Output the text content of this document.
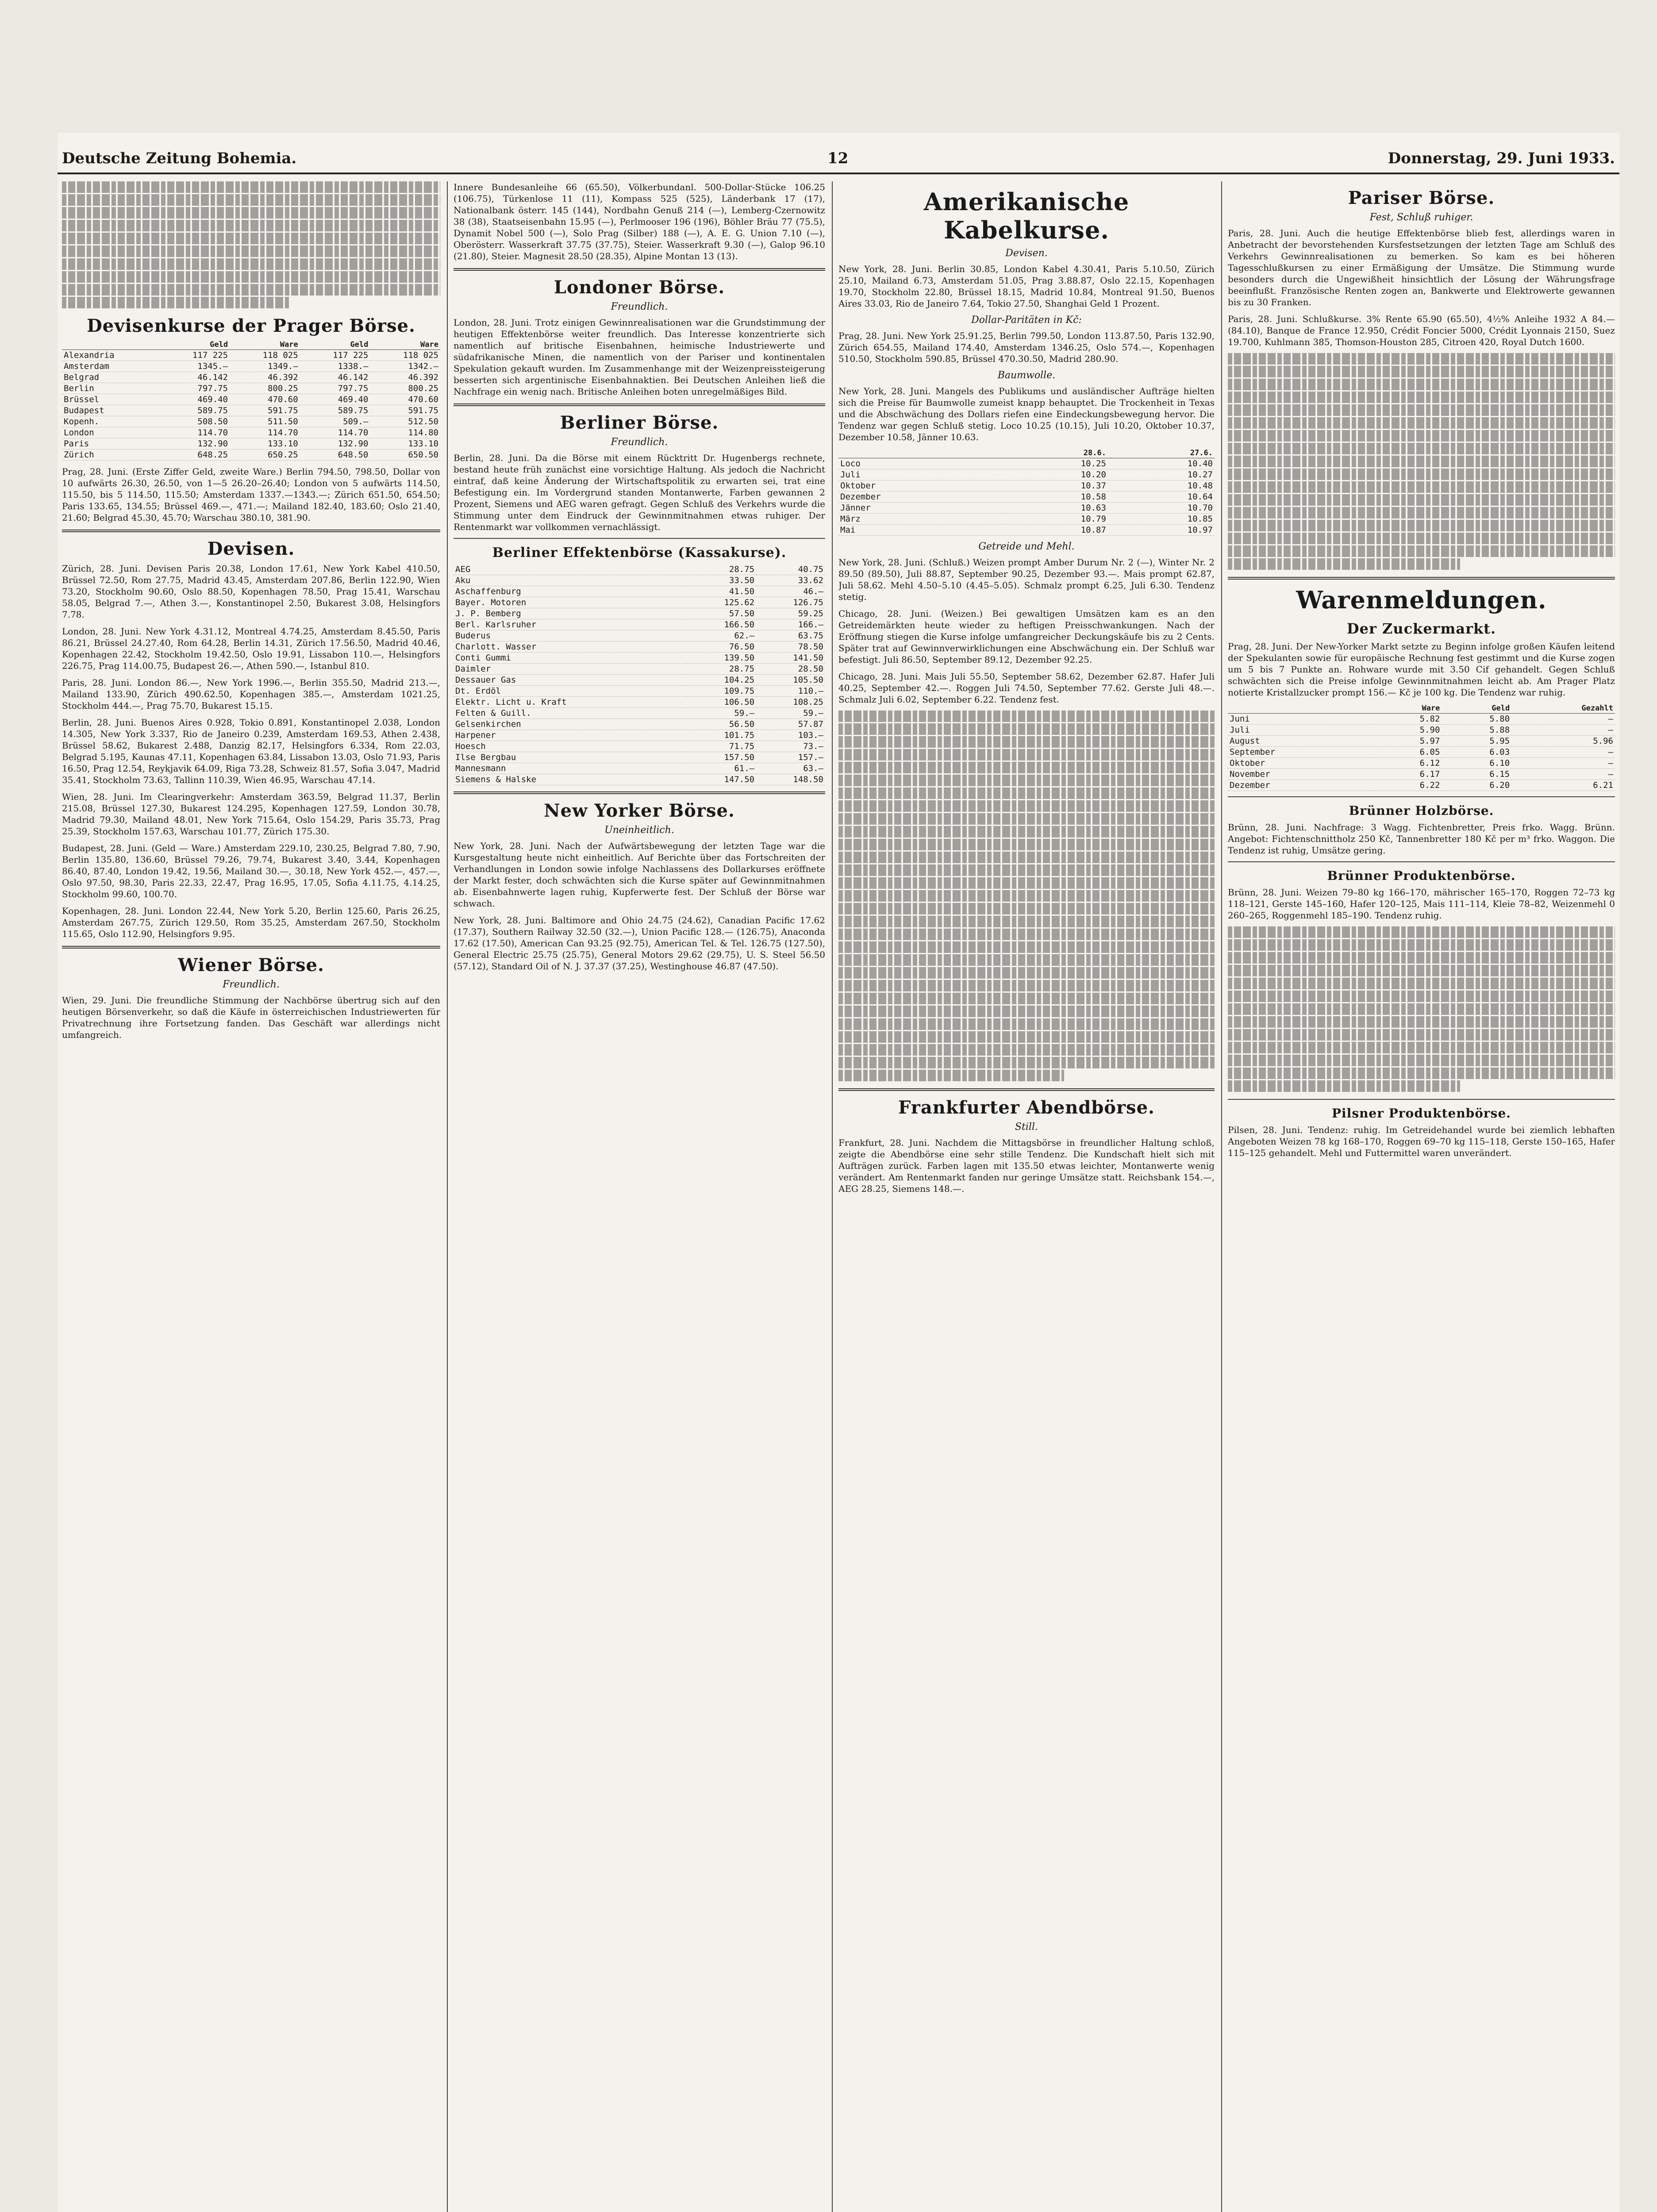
Deutsche Zeitung Bohemia.	12	Donnerstag, 29. Juni 1933.
Devisenkurse der Prager Börse.
	Geld	Ware	Geld	Ware
Alexandria	117 225	118 025	117 225	118 025
Amsterdam	1345.—	1349.—	1338.—	1342.—
Belgrad	46.142	46.392	46.142	46.392
Berlin	797.75	800.25	797.75	800.25
Brüssel	469.40	470.60	469.40	470.60
Budapest	589.75	591.75	589.75	591.75
Kopenh.	508.50	511.50	509.—	512.50
London	114.70	114.70	114.70	114.80
Paris	132.90	133.10	132.90	133.10
Zürich	648.25	650.25	648.50	650.50

Prag, 28. Juni. (Erste Ziffer Geld, zweite Ware.) Berlin 794.50, 798.50, Dollar von 10 aufwärts 26.30, 26.50, von 1—5 26.20–26.40; London von 5 aufwärts 114.50, 115.50, bis 5 114.50, 115.50; Amsterdam 1337.—1343.—; Zürich 651.50, 654.50; Paris 133.65, 134.55; Brüssel 469.—, 471.—; Mailand 182.40, 183.60; Oslo 21.40, 21.60; Belgrad 45.30, 45.70; Warschau 380.10, 381.90.

Devisen.

Zürich, 28. Juni. Devisen Paris 20.38, London 17.61, New York Kabel 410.50, Brüssel 72.50, Rom 27.75, Madrid 43.45, Amsterdam 207.86, Berlin 122.90, Wien 73.20, Stockholm 90.60, Oslo 88.50, Kopenhagen 78.50, Prag 15.41, Warschau 58.05, Belgrad 7.—, Athen 3.—, Konstantinopel 2.50, Bukarest 3.08, Helsingfors 7.78.

London, 28. Juni. New York 4.31.12, Montreal 4.74.25, Amsterdam 8.45.50, Paris 86.21, Brüssel 24.27.40, Rom 64.28, Berlin 14.31, Zürich 17.56.50, Madrid 40.46, Kopenhagen 22.42, Stockholm 19.42.50, Oslo 19.91, Lissabon 110.—, Helsingfors 226.75, Prag 114.00.75, Budapest 26.—, Athen 590.—, Istanbul 810.

Paris, 28. Juni. London 86.—, New York 1996.—, Berlin 355.50, Madrid 213.—, Mailand 133.90, Zürich 490.62.50, Kopenhagen 385.—, Amsterdam 1021.25, Stockholm 444.—, Prag 75.70, Bukarest 15.15.

Berlin, 28. Juni. Buenos Aires 0.928, Tokio 0.891, Konstantinopel 2.038, London 14.305, New York 3.337, Rio de Janeiro 0.239, Amsterdam 169.53, Athen 2.438, Brüssel 58.62, Bukarest 2.488, Danzig 82.17, Helsingfors 6.334, Rom 22.03, Belgrad 5.195, Kaunas 47.11, Kopenhagen 63.84, Lissabon 13.03, Oslo 71.93, Paris 16.50, Prag 12.54, Reykjavik 64.09, Riga 73.28, Schweiz 81.57, Sofia 3.047, Madrid 35.41, Stockholm 73.63, Tallinn 110.39, Wien 46.95, Warschau 47.14.

Wien, 28. Juni. Im Clearingverkehr: Amsterdam 363.59, Belgrad 11.37, Berlin 215.08, Brüssel 127.30, Bukarest 124.295, Kopenhagen 127.59, London 30.78, Madrid 79.30, Mailand 48.01, New York 715.64, Oslo 154.29, Paris 35.73, Prag 25.39, Stockholm 157.63, Warschau 101.77, Zürich 175.30.

Budapest, 28. Juni. (Geld — Ware.) Amsterdam 229.10, 230.25, Belgrad 7.80, 7.90, Berlin 135.80, 136.60, Brüssel 79.26, 79.74, Bukarest 3.40, 3.44, Kopenhagen 86.40, 87.40, London 19.42, 19.56, Mailand 30.—, 30.18, New York 452.—, 457.—, Oslo 97.50, 98.30, Paris 22.33, 22.47, Prag 16.95, 17.05, Sofia 4.11.75, 4.14.25, Stockholm 99.60, 100.70.

Kopenhagen, 28. Juni. London 22.44, New York 5.20, Berlin 125.60, Paris 26.25, Amsterdam 267.75, Zürich 129.50, Rom 35.25, Amsterdam 267.50, Stockholm 115.65, Oslo 112.90, Helsingfors 9.95.

Wiener Börse.
Freundlich.

Wien, 29. Juni. Die freundliche Stimmung der Nachbörse übertrug sich auf den heutigen Börsenverkehr, so daß die Käufe in österreichischen Industriewerten für Privatrechnung ihre Fortsetzung fanden. Das Geschäft war allerdings nicht umfangreich.

Innere Bundesanleihe 66 (65.50), Völkerbundanl. 500-Dollar-Stücke 106.25 (106.75), Türkenlose 11 (11), Kompass 525 (525), Länderbank 17 (17), Nationalbank österr. 145 (144), Nordbahn Genuß 214 (—), Lemberg-Czernowitz 38 (38), Staatseisenbahn 15.95 (—), Perlmooser 196 (196), Böhler Bräu 77 (75.5), Dynamit Nobel 500 (—), Solo Prag (Silber) 188 (—), A. E. G. Union 7.10 (—), Oberösterr. Wasserkraft 37.75 (37.75), Steier. Wasserkraft 9.30 (—), Galop 96.10 (21.80), Steier. Magnesit 28.50 (28.35), Alpine Montan 13 (13).

Londoner Börse.
Freundlich.

London, 28. Juni. Trotz einigen Gewinnrealisationen war die Grundstimmung der heutigen Effektenbörse weiter freundlich. Das Interesse konzentrierte sich namentlich auf britische Eisenbahnen, heimische Industriewerte und südafrikanische Minen, die namentlich von der Pariser und kontinentalen Spekulation gekauft wurden. Im Zusammenhange mit der Weizenpreissteigerung besserten sich argentinische Eisenbahnaktien. Bei Deutschen Anleihen ließ die Nachfrage ein wenig nach. Britische Anleihen boten unregelmäßiges Bild.

Berliner Börse.
Freundlich.

Berlin, 28. Juni. Da die Börse mit einem Rücktritt Dr. Hugenbergs rechnete, bestand heute früh zunächst eine vorsichtige Haltung. Als jedoch die Nachricht eintraf, daß keine Änderung der Wirtschaftspolitik zu erwarten sei, trat eine Befestigung ein. Im Vordergrund standen Montanwerte, Farben gewannen 2 Prozent, Siemens und AEG waren gefragt. Gegen Schluß des Verkehrs wurde die Stimmung unter dem Eindruck der Gewinnmitnahmen etwas ruhiger. Der Rentenmarkt war vollkommen vernachlässigt.

Berliner Effektenbörse (Kassakurse).
AEG	28.75	40.75
Aku	33.50	33.62
Aschaffenburg	41.50	46.—
Bayer. Motoren	125.62	126.75
J. P. Bemberg	57.50	59.25
Berl. Karlsruher	166.50	166.—
Buderus	62.—	63.75
Charlott. Wasser	76.50	78.50
Conti Gummi	139.50	141.50
Daimler	28.75	28.50
Dessauer Gas	104.25	105.50
Dt. Erdöl	109.75	110.—
Elektr. Licht u. Kraft	106.50	108.25
Felten & Guill.	59.—	59.—
Gelsenkirchen	56.50	57.87
Harpener	101.75	103.—
Hoesch	71.75	73.—
Ilse Bergbau	157.50	157.—
Mannesmann	61.—	63.—
Siemens & Halske	147.50	148.50
New Yorker Börse.
Uneinheitlich.

New York, 28. Juni. Nach der Aufwärtsbewegung der letzten Tage war die Kursgestaltung heute nicht einheitlich. Auf Berichte über das Fortschreiten der Verhandlungen in London sowie infolge Nachlassens des Dollarkurses eröffnete der Markt fester, doch schwächten sich die Kurse später auf Gewinnmitnahmen ab. Eisenbahnwerte lagen ruhig, Kupferwerte fest. Der Schluß der Börse war schwach.

New York, 28. Juni. Baltimore and Ohio 24.75 (24.62), Canadian Pacific 17.62 (17.37), Southern Railway 32.50 (32.—), Union Pacific 128.— (126.75), Anaconda 17.62 (17.50), American Can 93.25 (92.75), American Tel. & Tel. 126.75 (127.50), General Electric 25.75 (25.75), General Motors 29.62 (29.75), U. S. Steel 56.50 (57.12), Standard Oil of N. J. 37.37 (37.25), Westinghouse 46.87 (47.50).

Amerikanische Kabelkurse.
Devisen.

New York, 28. Juni. Berlin 30.85, London Kabel 4.30.41, Paris 5.10.50, Zürich 25.10, Mailand 6.73, Amsterdam 51.05, Prag 3.88.87, Oslo 22.15, Kopenhagen 19.70, Stockholm 22.80, Brüssel 18.15, Madrid 10.84, Montreal 91.50, Buenos Aires 33.03, Rio de Janeiro 7.64, Tokio 27.50, Shanghai Geld 1 Prozent.

Dollar-Paritäten in Kč:

Prag, 28. Juni. New York 25.91.25, Berlin 799.50, London 113.87.50, Paris 132.90, Zürich 654.55, Mailand 174.40, Amsterdam 1346.25, Oslo 574.—, Kopenhagen 510.50, Stockholm 590.85, Brüssel 470.30.50, Madrid 280.90.

Baumwolle.

New York, 28. Juni. Mangels des Publikums und ausländischer Aufträge hielten sich die Preise für Baumwolle zumeist knapp behauptet. Die Trockenheit in Texas und die Abschwächung des Dollars riefen eine Eindeckungsbewegung hervor. Die Tendenz war gegen Schluß stetig. Loco 10.25 (10.15), Juli 10.20, Oktober 10.37, Dezember 10.58, Jänner 10.63.

	28.6.	27.6.
Loco	10.25	10.40
Juli	10.20	10.27
Oktober	10.37	10.48
Dezember	10.58	10.64
Jänner	10.63	10.70
März	10.79	10.85
Mai	10.87	10.97
Getreide und Mehl.

New York, 28. Juni. (Schluß.) Weizen prompt Amber Durum Nr. 2 (—), Winter Nr. 2 89.50 (89.50), Juli 88.87, September 90.25, Dezember 93.—. Mais prompt 62.87, Juli 58.62. Mehl 4.50–5.10 (4.45–5.05). Schmalz prompt 6.25, Juli 6.30. Tendenz stetig.

Chicago, 28. Juni. (Weizen.) Bei gewaltigen Umsätzen kam es an den Getreidemärkten heute wieder zu heftigen Preisschwankungen. Nach der Eröffnung stiegen die Kurse infolge umfangreicher Deckungskäufe bis zu 2 Cents. Später trat auf Gewinnverwirklichungen eine Abschwächung ein. Der Schluß war befestigt. Juli 86.50, September 89.12, Dezember 92.25.

Chicago, 28. Juni. Mais Juli 55.50, September 58.62, Dezember 62.87. Hafer Juli 40.25, September 42.—. Roggen Juli 74.50, September 77.62. Gerste Juli 48.—. Schmalz Juli 6.02, September 6.22. Tendenz fest.

Frankfurter Abendbörse.
Still.

Frankfurt, 28. Juni. Nachdem die Mittagsbörse in freundlicher Haltung schloß, zeigte die Abendbörse eine sehr stille Tendenz. Die Kundschaft hielt sich mit Aufträgen zurück. Farben lagen mit 135.50 etwas leichter, Montanwerte wenig verändert. Am Rentenmarkt fanden nur geringe Umsätze statt. Reichsbank 154.—, AEG 28.25, Siemens 148.—.

Pariser Börse.
Fest, Schluß ruhiger.

Paris, 28. Juni. Auch die heutige Effektenbörse blieb fest, allerdings waren in Anbetracht der bevorstehenden Kursfestsetzungen der letzten Tage am Schluß des Verkehrs Gewinnrealisationen zu bemerken. So kam es bei höheren Tagesschlußkursen zu einer Ermäßigung der Umsätze. Die Stimmung wurde besonders durch die Ungewißheit hinsichtlich der Lösung der Währungsfrage beeinflußt. Französische Renten zogen an, Bankwerte und Elektrowerte gewannen bis zu 30 Franken.

Paris, 28. Juni. Schlußkurse. 3% Rente 65.90 (65.50), 4½% Anleihe 1932 A 84.— (84.10), Banque de France 12.950, Crédit Foncier 5000, Crédit Lyonnais 2150, Suez 19.700, Kuhlmann 385, Thomson-Houston 285, Citroen 420, Royal Dutch 1600.

Warenmeldungen.
Der Zuckermarkt.

Prag, 28. Juni. Der New-Yorker Markt setzte zu Beginn infolge großen Käufen leitend der Spekulanten sowie für europäische Rechnung fest gestimmt und die Kurse zogen um 5 bis 7 Punkte an. Rohware wurde mit 3.50 Cif gehandelt. Gegen Schluß schwächten sich die Preise infolge Gewinnmitnahmen leicht ab. Am Prager Platz notierte Kristallzucker prompt 156.— Kč je 100 kg. Die Tendenz war ruhig.

	Ware	Geld	Gezahlt
Juni	5.82	5.80	—
Juli	5.90	5.88	—
August	5.97	5.95	5.96
September	6.05	6.03	—
Oktober	6.12	6.10	—
November	6.17	6.15	—
Dezember	6.22	6.20	6.21
Brünner Holzbörse.

Brünn, 28. Juni. Nachfrage: 3 Wagg. Fichtenbretter, Preis frko. Wagg. Brünn. Angebot: Fichtenschnittholz 250 Kč, Tannenbretter 180 Kč per m³ frko. Waggon. Die Tendenz ist ruhig, Umsätze gering.

Brünner Produktenbörse.

Brünn, 28. Juni. Weizen 79–80 kg 166–170, mährischer 165–170, Roggen 72–73 kg 118–121, Gerste 145–160, Hafer 120–125, Mais 111–114, Kleie 78–82, Weizenmehl 0 260–265, Roggenmehl 185–190. Tendenz ruhig.

Pilsner Produktenbörse.

Pilsen, 28. Juni. Tendenz: ruhig. Im Getreidehandel wurde bei ziemlich lebhaften Angeboten Weizen 78 kg 168–170, Roggen 69–70 kg 115–118, Gerste 150–165, Hafer 115–125 gehandelt. Mehl und Futtermittel waren unverändert.
